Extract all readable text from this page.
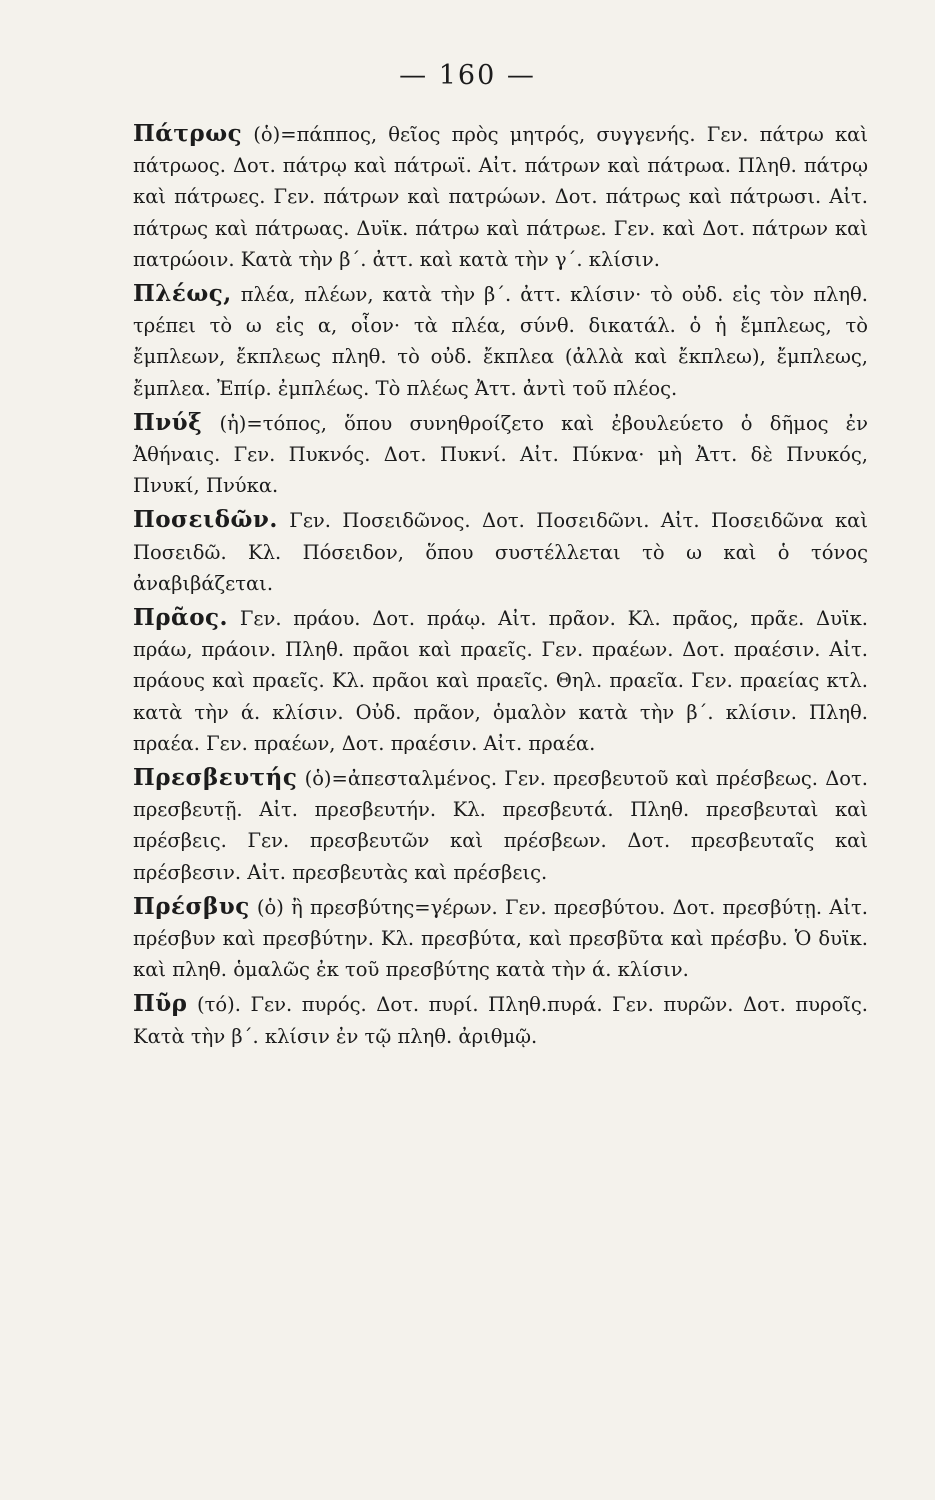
— 160 —

Πάτρως (ὁ)=πάππος, θεῖος πρὸς μητρός, συγγενής. Γεν. πάτρω καὶ πάτρωος. Δοτ. πάτρῳ καὶ πάτρωϊ. Αἰτ. πάτρων καὶ πάτρωα. Πληθ. πάτρῳ καὶ πάτρωες. Γεν. πάτρων καὶ πατρώων. Δοτ. πάτρως καὶ πάτρωσι. Αἰτ. πάτρως καὶ πάτρωας. Δυϊκ. πάτρω καὶ πάτρωε. Γεν. καὶ Δοτ. πάτρων καὶ πατρώοιν. Κατὰ τὴν β΄. ἀττ. καὶ κατὰ τὴν γ΄. κλίσιν.

Πλέως, πλέα, πλέων, κατὰ τὴν β΄. ἀττ. κλίσιν· τὸ οὐδ. εἰς τὸν πληθ. τρέπει τὸ ω εἰς α, οἷον· τὰ πλέα, σύνθ. δικατάλ. ὁ ἡ ἔμπλεως, τὸ ἔμπλεων, ἔκπλεως πληθ. τὸ οὐδ. ἔκπλεα (ἀλλὰ καὶ ἔκπλεω), ἔμπλεως, ἔμπλεα. Ἐπίρ. ἐμπλέως. Τὸ πλέως Ἀττ. ἀντὶ τοῦ πλέος.

Πνύξ (ἡ)=τόπος, ὅπου συνηθροίζετο καὶ ἐβουλεύετο ὁ δῆμος ἐν Ἀθήναις. Γεν. Πυκνός. Δοτ. Πυκνί. Αἰτ. Πύκνα· μὴ Ἀττ. δὲ Πνυκός, Πνυκί, Πνύκα.

Ποσειδῶν. Γεν. Ποσειδῶνος. Δοτ. Ποσειδῶνι. Αἰτ. Ποσειδῶνα καὶ Ποσειδῶ. Κλ. Πόσειδον, ὅπου συστέλλεται τὸ ω καὶ ὁ τόνος ἀναβιβάζεται.

Πρᾶος. Γεν. πράου. Δοτ. πράῳ. Αἰτ. πρᾶον. Κλ. πρᾶος, πρᾶε. Δυϊκ. πράω, πράοιν. Πληθ. πρᾶοι καὶ πραεῖς. Γεν. πραέων. Δοτ. πραέσιν. Αἰτ. πράους καὶ πραεῖς. Κλ. πρᾶοι καὶ πραεῖς. Θηλ. πραεῖα. Γεν. πραείας κτλ. κατὰ τὴν ά. κλίσιν. Οὐδ. πρᾶον, ὁμαλὸν κατὰ τὴν β΄. κλίσιν. Πληθ. πραέα. Γεν. πραέων, Δοτ. πραέσιν. Αἰτ. πραέα.

Πρεσβευτής (ὁ)=ἀπεσταλμένος. Γεν. πρεσβευτοῦ καὶ πρέσβεως. Δοτ. πρεσβευτῇ. Αἰτ. πρεσβευτήν. Κλ. πρεσβευτά. Πληθ. πρεσβευταὶ καὶ πρέσβεις. Γεν. πρεσβευτῶν καὶ πρέσβεων. Δοτ. πρεσβευταῖς καὶ πρέσβεσιν. Αἰτ. πρεσβευτὰς καὶ πρέσβεις.

Πρέσβυς (ὁ) ἢ πρεσβύτης=γέρων. Γεν. πρεσβύτου. Δοτ. πρεσβύτῃ. Αἰτ. πρέσβυν καὶ πρεσβύτην. Κλ. πρεσβύτα, καὶ πρεσβῦτα καὶ πρέσβυ. Ὁ δυϊκ. καὶ πληθ. ὁμαλῶς ἐκ τοῦ πρεσβύτης κατὰ τὴν ά. κλίσιν.

Πῦρ (τό). Γεν. πυρός. Δοτ. πυρί. Πληθ.πυρά. Γεν. πυρῶν. Δοτ. πυροῖς. Κατὰ τὴν β΄. κλίσιν ἐν τῷ πληθ. ἀριθμῷ.
